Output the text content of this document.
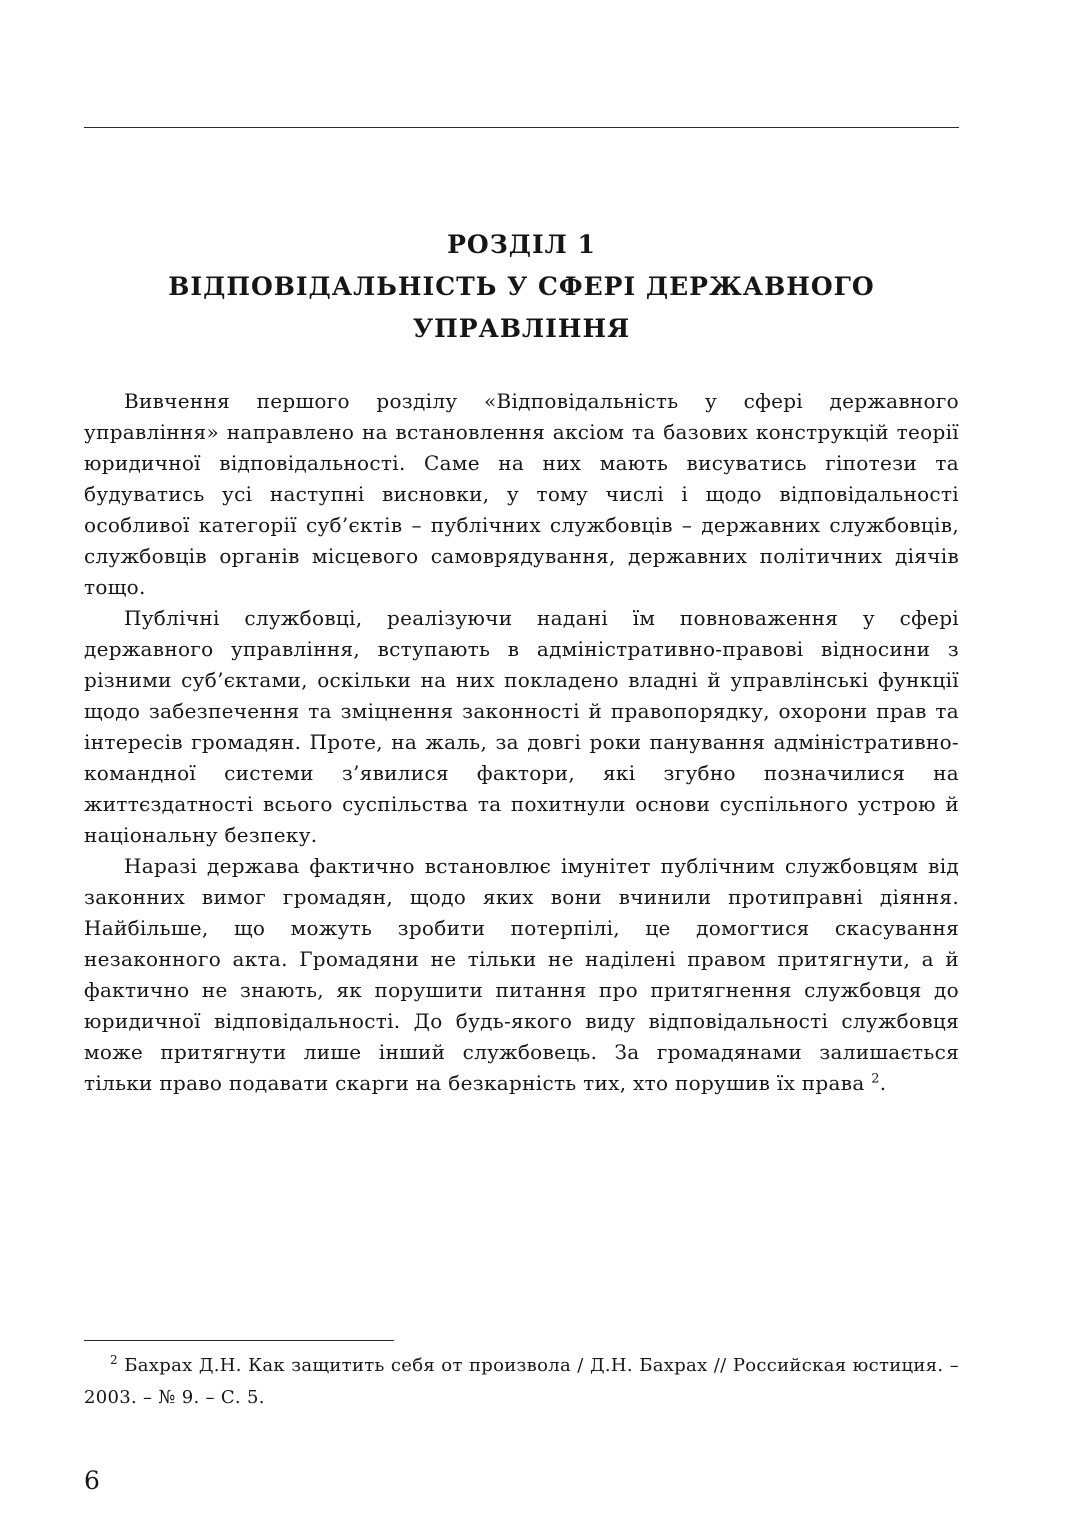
РОЗДІЛ 1
ВІДПОВІДАЛЬНІСТЬ У СФЕРІ ДЕРЖАВНОГО
УПРАВЛІННЯ

Вивчення першого розділу «Відповідальність у сфері державного управління» направлено на встановлення аксіом та базових конструкцій теорії юридичної відповідальності. Саме на них мають висуватись гіпотези та будуватись усі наступні висновки, у тому числі і щодо відповідальності особливої категорії суб’єктів – публічних службовців – державних службовців, службовців органів місцевого самоврядування, державних політичних діячів тощо.

Публічні службовці, реалізуючи надані їм повноваження у сфері державного управління, вступають в адміністративно-правові відносини з різними суб’єктами, оскільки на них покладено владні й управлінські функції щодо забезпечення та зміцнення законності й правопорядку, охорони прав та інтересів громадян. Проте, на жаль, за довгі роки панування адміністративно-командної системи з’явилися фактори, які згубно позначилися на життєздатності всього суспільства та похитнули основи суспільного устрою й національну безпеку.

Наразі держава фактично встановлює імунітет публічним службовцям від законних вимог громадян, щодо яких вони вчинили протиправні діяння. Найбільше, що можуть зробити потерпілі, це домогтися скасування незаконного акта. Громадяни не тільки не наділені правом притягнути, а й фактично не знають, як порушити питання про притягнення службовця до юридичної відповідальності. До будь-якого виду відповідальності службовця може притягнути лише інший службовець. За громадянами залишається тільки право подавати скарги на безкарність тих, хто порушив їх права $^2$.

$^2$ Бахрах Д.Н. Как защитить себя от произвола / Д.Н. Бахрах // Российская юстиция. – 2003. – № 9. – С. 5.

6
